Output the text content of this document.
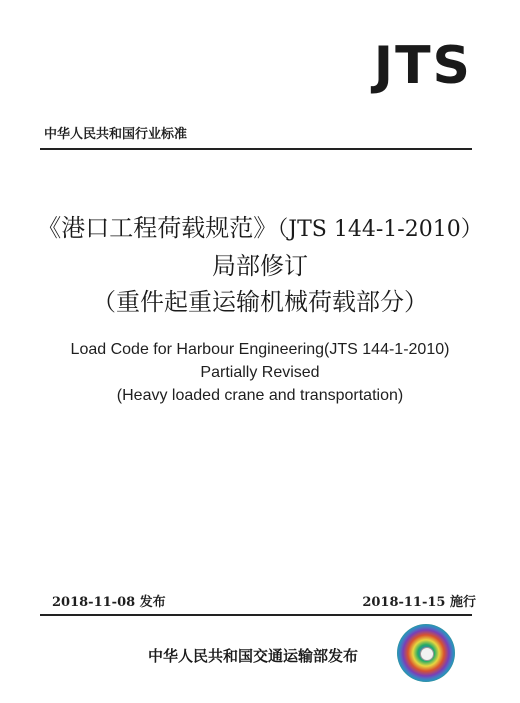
JTS
中华人民共和国行业标准

《港口工程荷载规范》（JTS 144-1-2010）

局部修订

（重件起重运输机械荷载部分）

Load Code for Harbour Engineering(JTS 144-1-2010)
Partially Revised
(Heavy loaded crane and transportation)
2018-11-08 发布	2018-11-15 施行
中华人民共和国交通运输部发布
